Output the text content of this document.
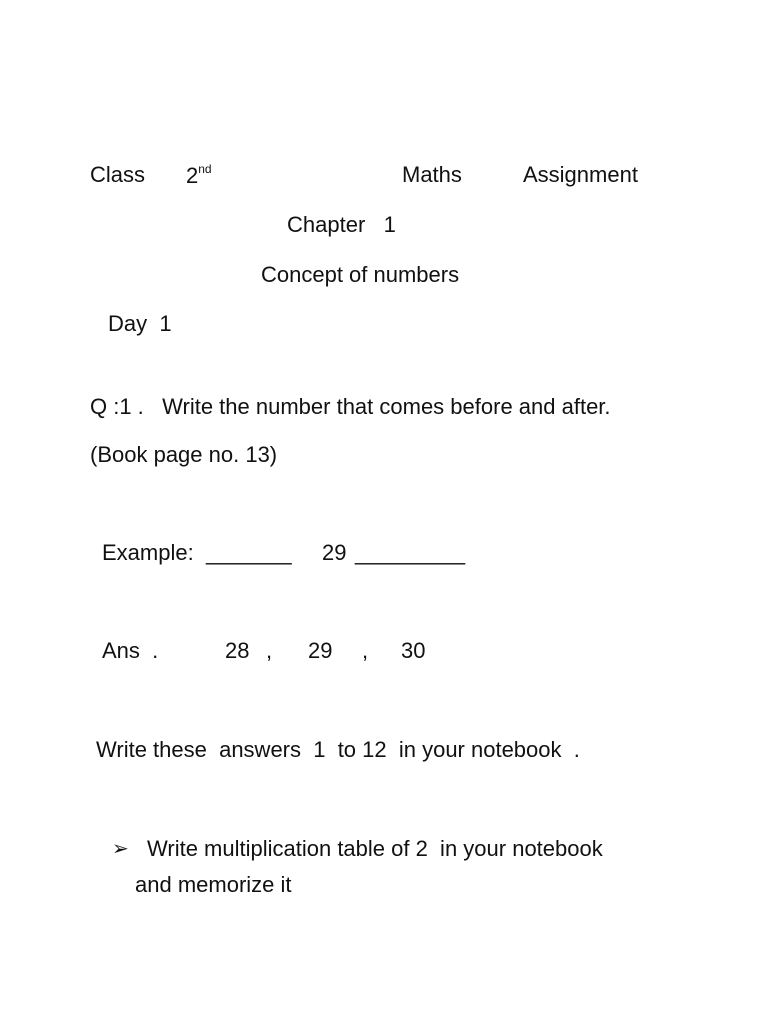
Class 2nd	Maths	Assignment
Chapter   1
Concept of numbers
Day  1
Q :1 .   Write the number that comes before and after.
(Book page no. 13)
Example: _______ 29 _________
Ans  .	28 , 29 , 30
Write these  answers  1  to 12  in your notebook  .
➢ Write multiplication table of 2  in your notebook
and memorize it
